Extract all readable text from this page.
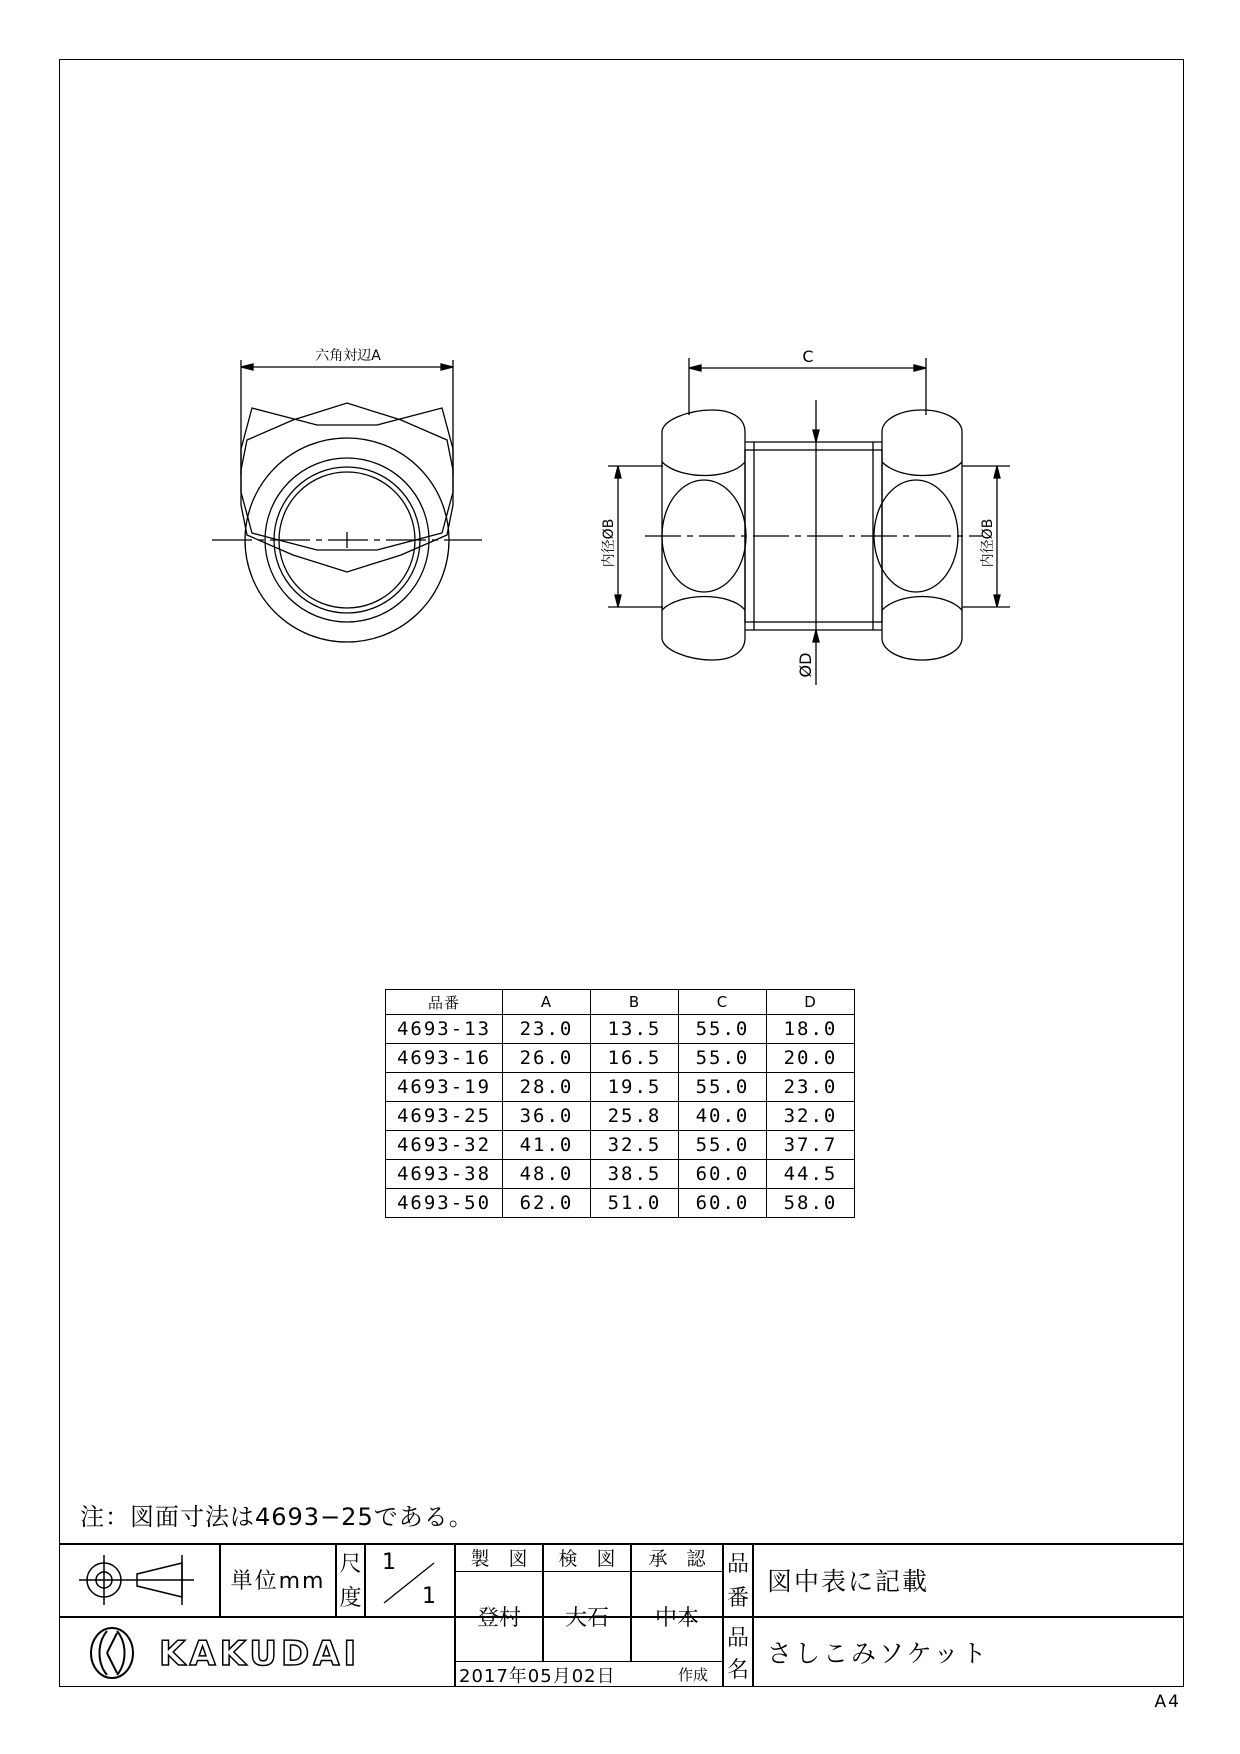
六角対辺A	C
内径ØB	内径ØB
ØD
品番	A	B	C	D
4693-13	23.0	13.5	55.0	18.0
4693-16	26.0	16.5	55.0	20.0
4693-19	28.0	19.5	55.0	23.0
4693-25	36.0	25.8	40.0	32.0
4693-32	41.0	32.5	55.0	37.7
4693-38	48.0	38.5	60.0	44.5
4693-50	62.0	51.0	60.0	58.0
注：図面寸法は4693−25である。
単位mm
尺
度
1
1
製　図	検　図	承　認
登村	大石	中本
品
番
図中表に記載
品
名
さしこみソケット
2017年05月02日	作成
KAKUDAI
A4
